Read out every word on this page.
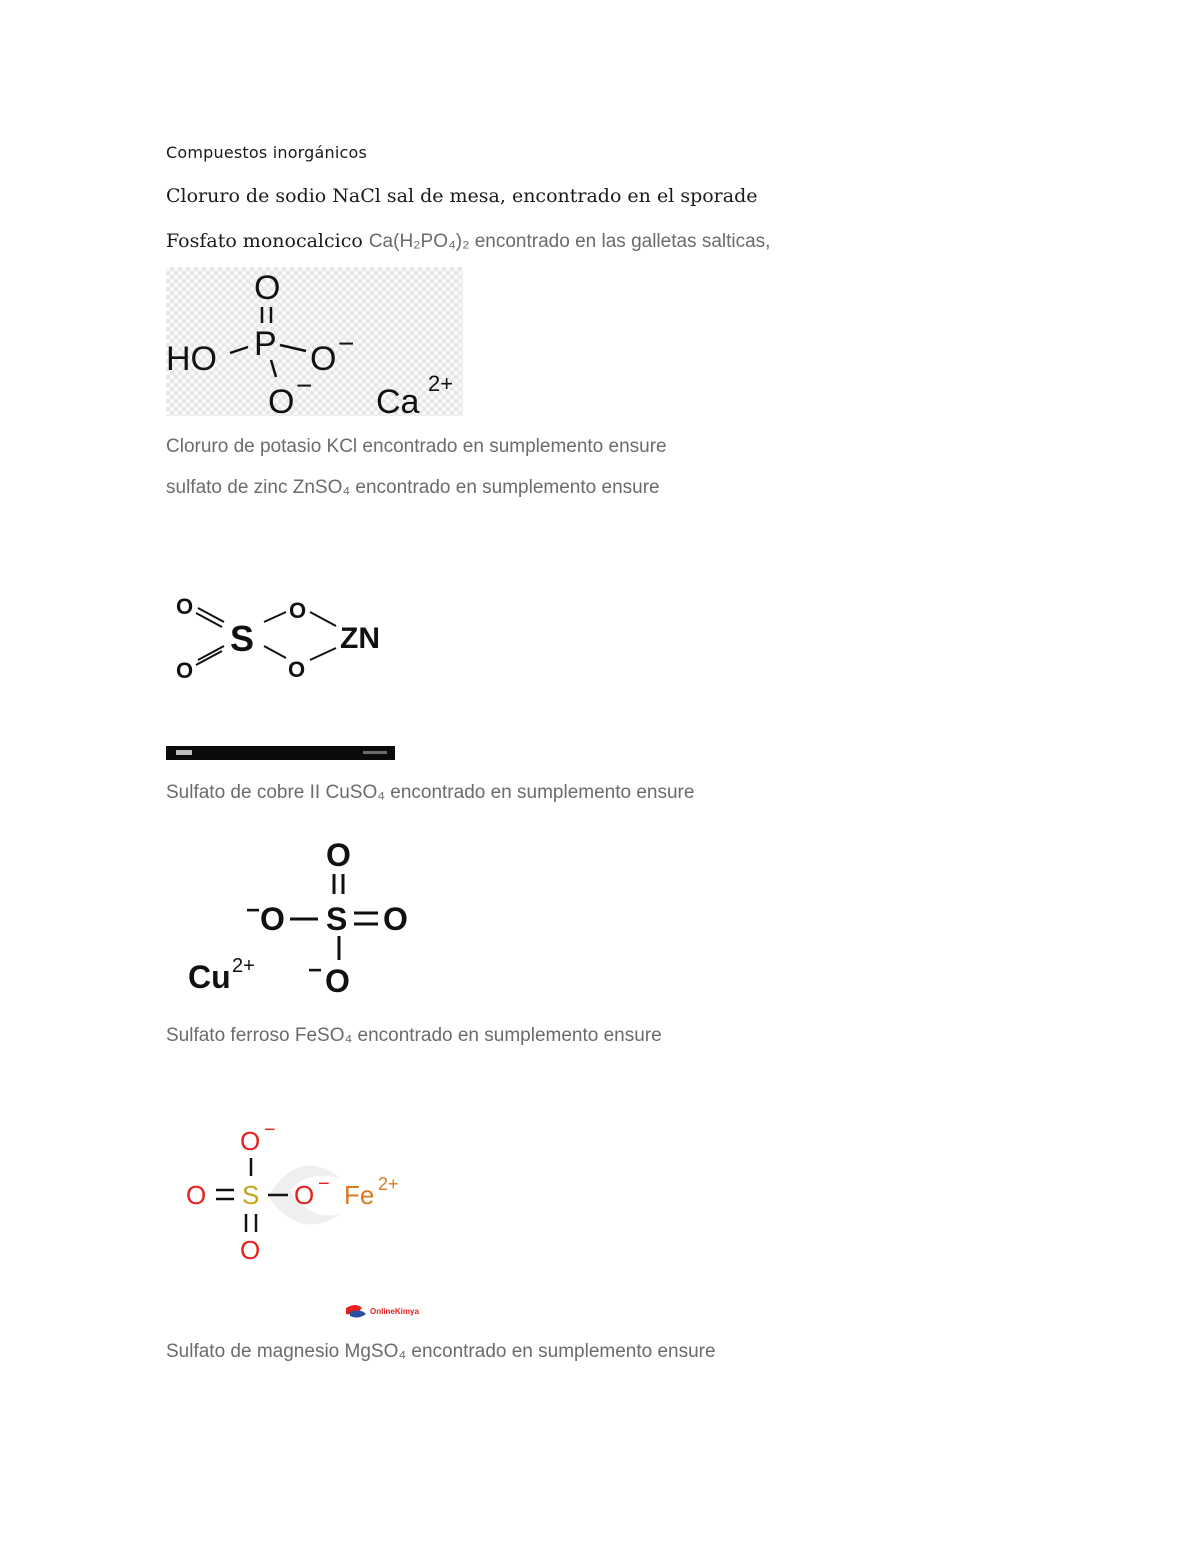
Compuestos inorgánicos
Cloruro de sodio NaCl sal de mesa, encontrado en el sporade
Fosfato monocalcico Ca(H₂PO₄)₂ encontrado en las galletas salticas,
O
HO P O −
O − Ca 2+
Cloruro de potasio KCl encontrado en sumplemento ensure
sulfato de zinc ZnSO₄ encontrado en sumplemento ensure
O
O
S
O
O
ZN
Sulfato de cobre II CuSO₄ encontrado en sumplemento ensure
O
− O S O
− O
Cu 2+
Sulfato ferroso FeSO₄ encontrado en sumplemento ensure
O −
O S O −
O
Fe 2+
OnlineKimya
Sulfato de magnesio MgSO₄ encontrado en sumplemento ensure
